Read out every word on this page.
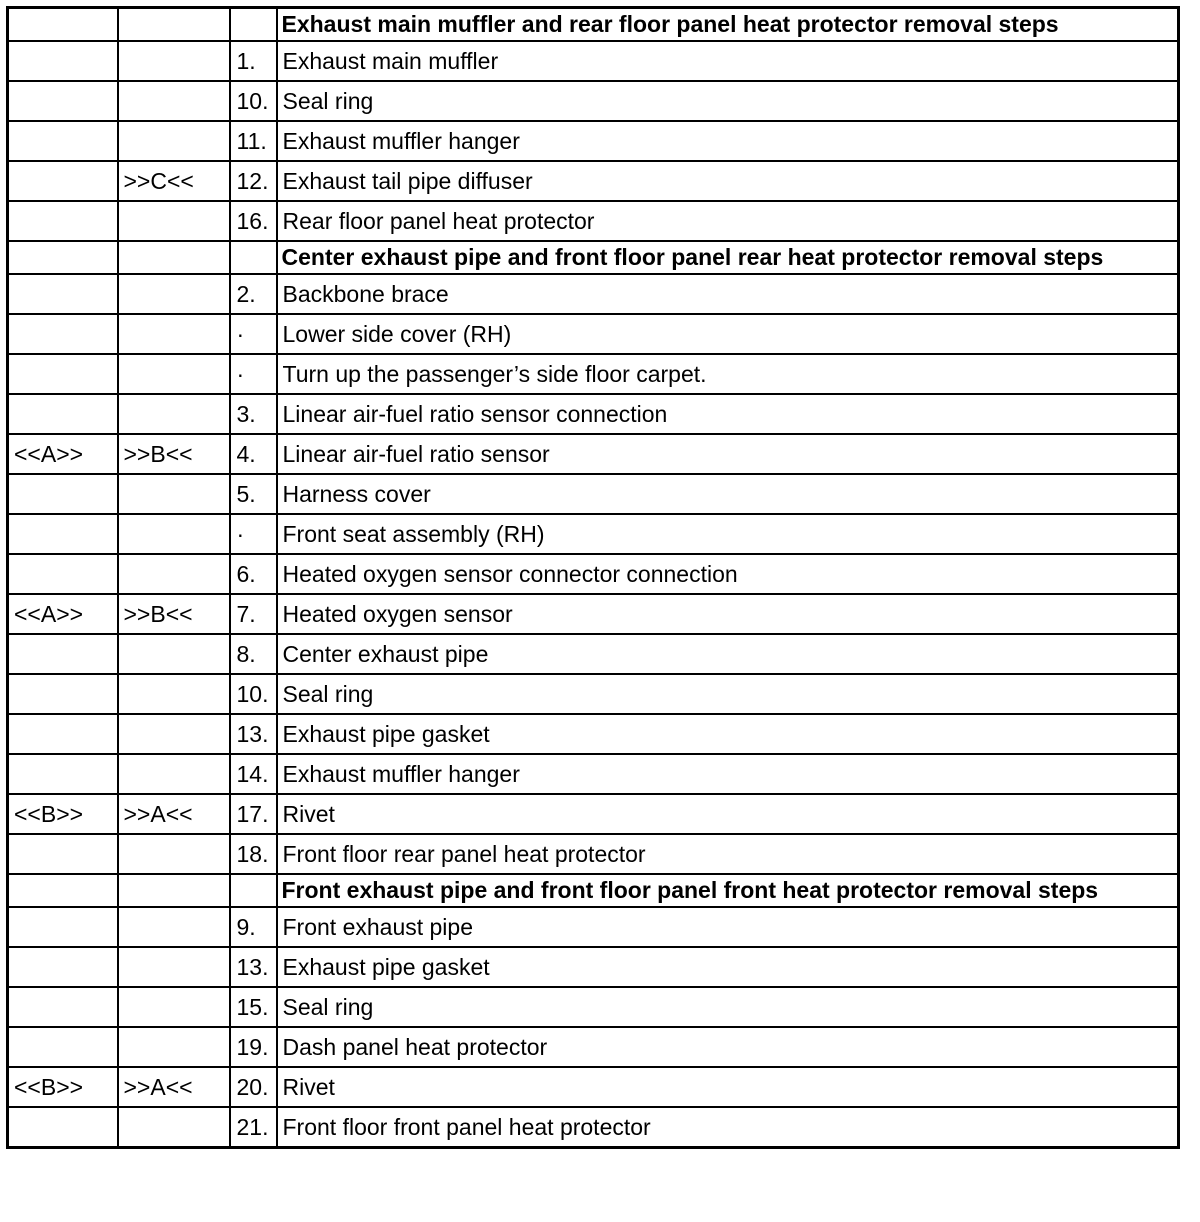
			Exhaust main muffler and rear floor panel heat protector removal steps
		1.	Exhaust main muffler
		10.	Seal ring
		11.	Exhaust muffler hanger
	>>C<<	12.	Exhaust tail pipe diffuser
		16.	Rear floor panel heat protector
			Center exhaust pipe and front floor panel rear heat protector removal steps
		2.	Backbone brace
		·	Lower side cover (RH)
		·	Turn up the passenger’s side floor carpet.
		3.	Linear air-fuel ratio sensor connection
<<A>>	>>B<<	4.	Linear air-fuel ratio sensor
		5.	Harness cover
		·	Front seat assembly (RH)
		6.	Heated oxygen sensor connector connection
<<A>>	>>B<<	7.	Heated oxygen sensor
		8.	Center exhaust pipe
		10.	Seal ring
		13.	Exhaust pipe gasket
		14.	Exhaust muffler hanger
<<B>>	>>A<<	17.	Rivet
		18.	Front floor rear panel heat protector
			Front exhaust pipe and front floor panel front heat protector removal steps
		9.	Front exhaust pipe
		13.	Exhaust pipe gasket
		15.	Seal ring
		19.	Dash panel heat protector
<<B>>	>>A<<	20.	Rivet
		21.	Front floor front panel heat protector
